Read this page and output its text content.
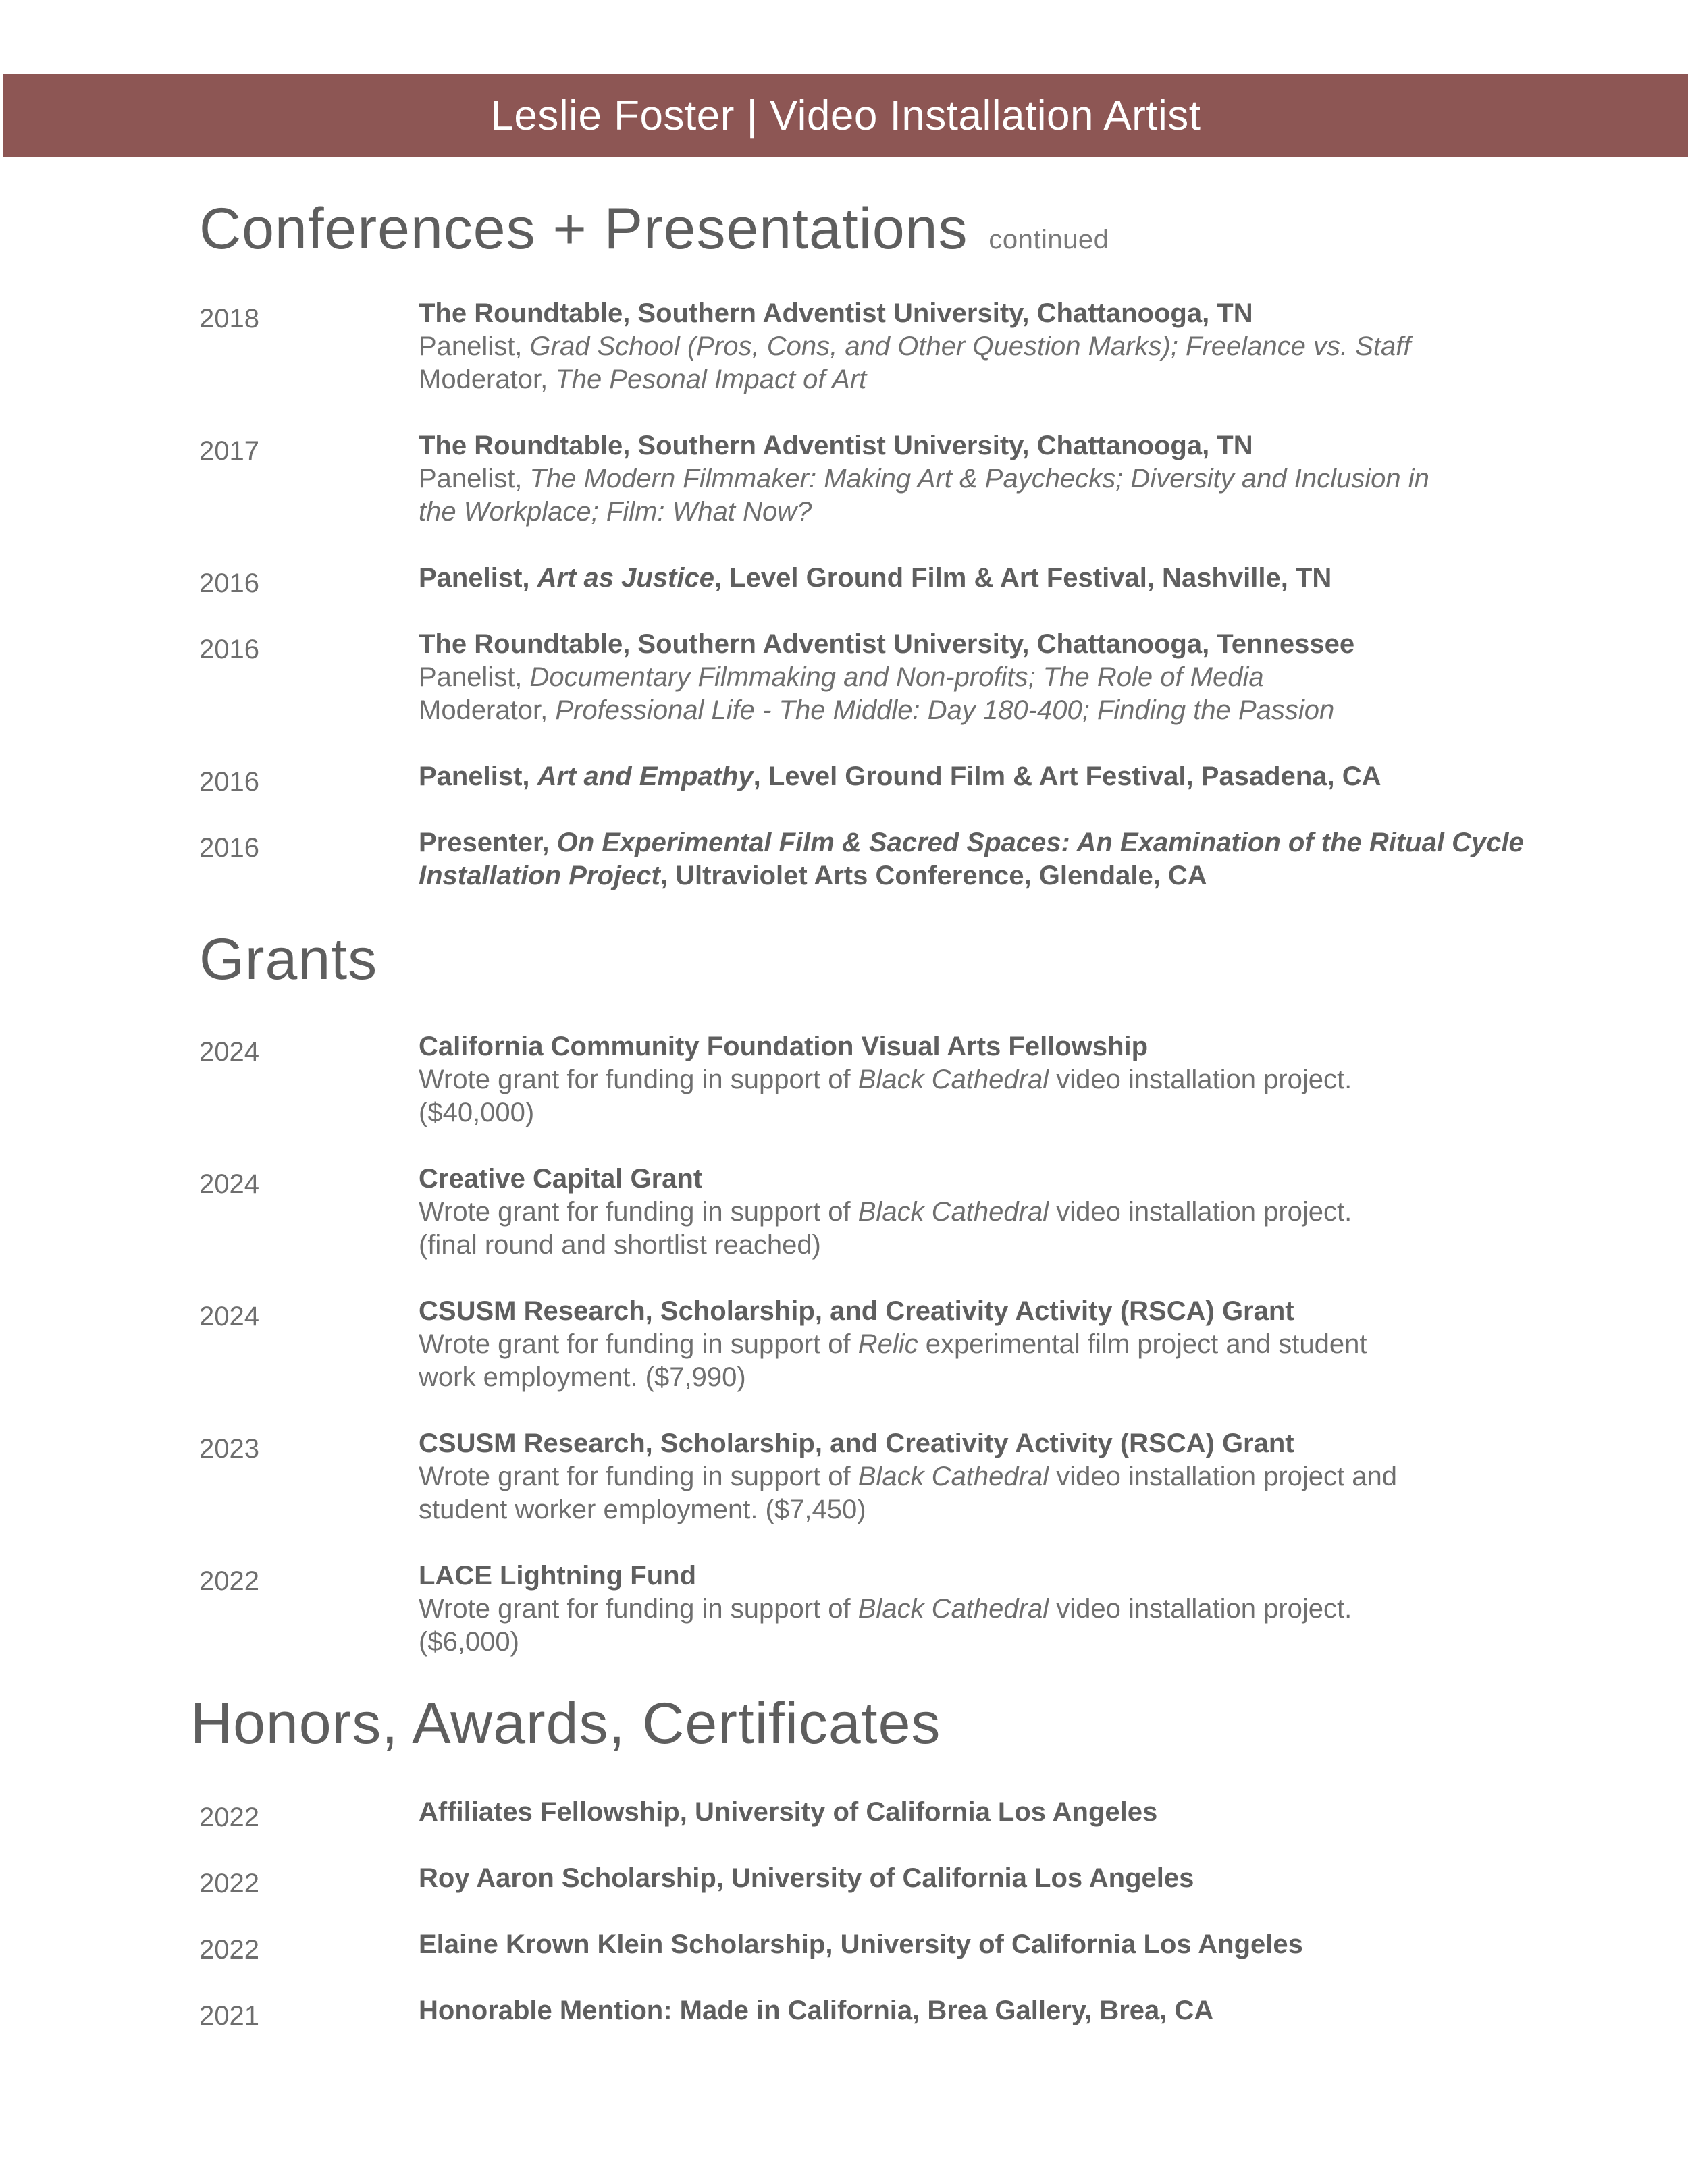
Leslie Foster | Video Installation Artist
Conferences + Presentations continued
2018	The Roundtable, Southern Adventist University, Chattanooga, TN
Panelist, Grad School (Pros, Cons, and Other Question Marks); Freelance vs. Staff
Moderator, The Pesonal Impact of Art
2017	The Roundtable, Southern Adventist University, Chattanooga, TN
Panelist, The Modern Filmmaker: Making Art & Paychecks; Diversity and Inclusion in
the Workplace; Film: What Now?
2016	Panelist, Art as Justice, Level Ground Film & Art Festival, Nashville, TN
2016	The Roundtable, Southern Adventist University, Chattanooga, Tennessee
Panelist, Documentary Filmmaking and Non-profits; The Role of Media
Moderator, Professional Life - The Middle: Day 180-400; Finding the Passion
2016	Panelist, Art and Empathy, Level Ground Film & Art Festival, Pasadena, CA
2016	Presenter, On Experimental Film & Sacred Spaces: An Examination of the Ritual Cycle
Installation Project, Ultraviolet Arts Conference, Glendale, CA
Grants
2024	California Community Foundation Visual Arts Fellowship
Wrote grant for funding in support of Black Cathedral video installation project.
($40,000)
2024	Creative Capital Grant
Wrote grant for funding in support of Black Cathedral video installation project.
(final round and shortlist reached)
2024	CSUSM Research, Scholarship, and Creativity Activity (RSCA) Grant
Wrote grant for funding in support of Relic experimental film project and student
work employment. ($7,990)
2023	CSUSM Research, Scholarship, and Creativity Activity (RSCA) Grant
Wrote grant for funding in support of Black Cathedral video installation project and
student worker employment. ($7,450)
2022	LACE Lightning Fund
Wrote grant for funding in support of Black Cathedral video installation project.
($6,000)
Honors, Awards, Certificates
2022	Affiliates Fellowship, University of California Los Angeles
2022	Roy Aaron Scholarship, University of California Los Angeles
2022	Elaine Krown Klein Scholarship, University of California Los Angeles
2021	Honorable Mention: Made in California, Brea Gallery, Brea, CA
